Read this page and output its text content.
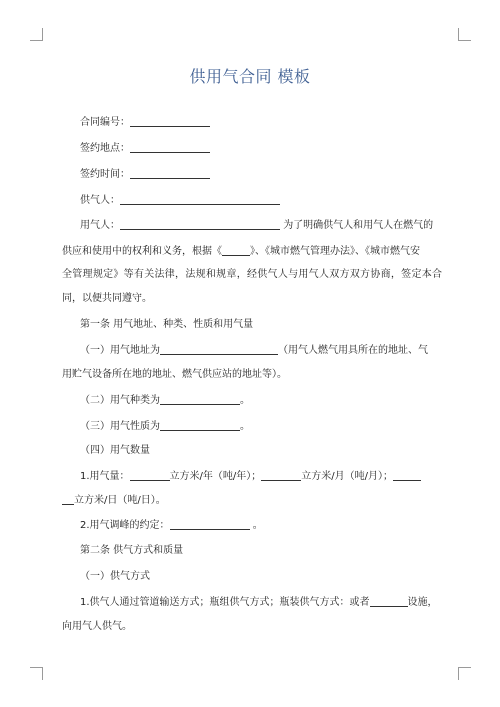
供用气合同 模板
合同编号：
签约地点：
签约时间：
供气人：
用气人：	为了明确供气人和用气人在燃气的
供应和使用中的权利和义务，根据《	》、《城市燃气管理办法》、《城市燃气安
全管理规定》等有关法律，法规和规章，经供气人与用气人双方双方协商，签定本合
同，以便共同遵守。
第一条 用气地址、种类、性质和用气量
（一）用气地址为	（用气人燃气用具所在的地址、气
用贮气设备所在地的地址、燃气供应站的地址等）。
（二）用气种类为	。
（三）用气性质为	。
（四）用气数量
1.用气量：	立方米/年（吨/年）；	立方米/月（吨/月）；
立方米/日（吨/日）。
2.用气调峰的约定：	。
第二条 供气方式和质量
（一）供气方式
1.供气人通过管道输送方式；瓶组供气方式；瓶装供气方式：或者	设施，
向用气人供气。
